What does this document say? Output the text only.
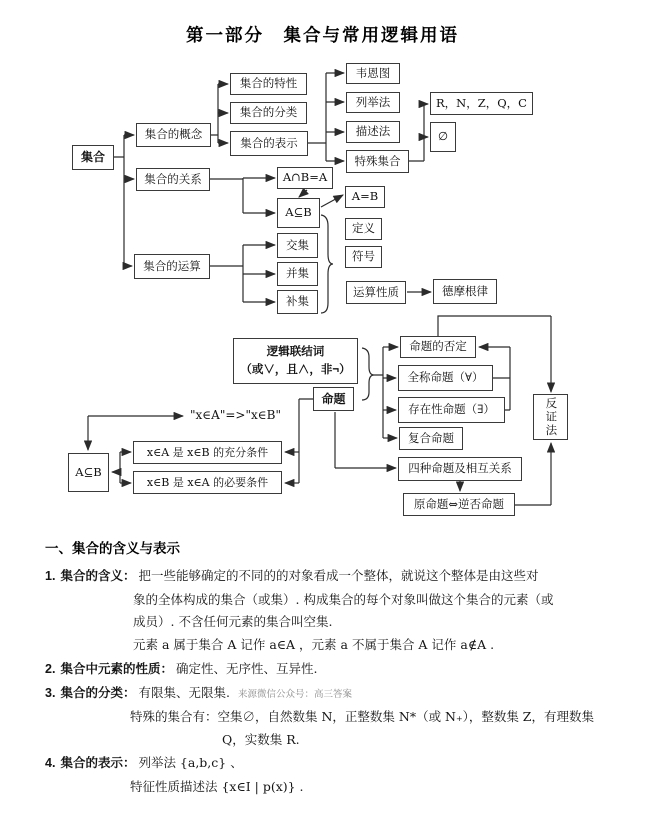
第一部分　集合与常用逻辑用语
集合
集合的概念
集合的关系
集合的运算
集合的特性
集合的分类
集合的表示
韦恩图
列举法
描述法
特殊集合
R，N，Z，Q，C
∅
A∩B=A
A⊆B
A=B
定义
符号
交集
并集
补集
运算性质	德摩根律
逻辑联结词
（或∨，且∧，非¬）
命题
命题的否定
全称命题（∀）
存在性命题（∃）
复合命题
四种命题及相互关系
原命题⇔逆否命题
反证法
A⊆B
x∈A 是 x∈B 的充分条件
x∈B 是 x∈A 的必要条件
"x∈A"=>"x∈B"
一、集合的含义与表示
1. 集合的含义： 把一些能够确定的不同的的对象看成一个整体，就说这个整体是由这些对
象的全体构成的集合（或集）. 构成集合的每个对象叫做这个集合的元素（或
成员）. 不含任何元素的集合叫空集.
元素 a 属于集合 A 记作 a∈A ，元素 a 不属于集合 A 记作 a∉A .
2. 集合中元素的性质： 确定性、无序性、互异性.
3. 集合的分类： 有限集、无限集. 来源微信公众号：高三答案
特殊的集合有：空集∅，自然数集 N，正整数集 N*（或 N₊），整数集 Z，有理数集
Q，实数集 R.
4. 集合的表示： 列举法 {a,b,c} 、
特征性质描述法 {x∈I | p(x)} .
